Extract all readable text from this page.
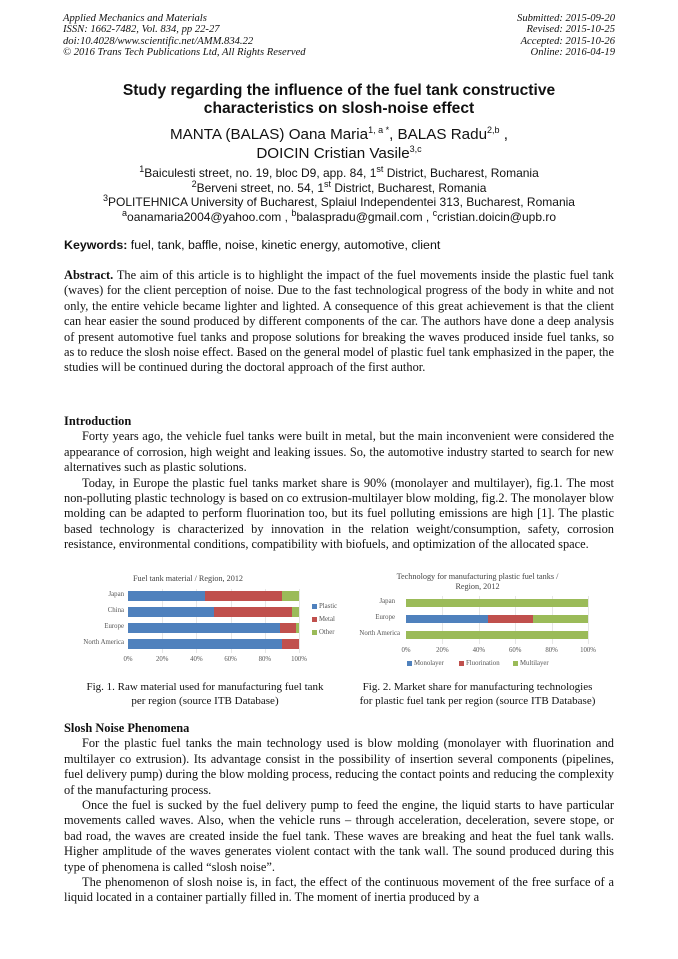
Applied Mechanics and Materials
ISSN: 1662-7482, Vol. 834, pp 22-27
doi:10.4028/www.scientific.net/AMM.834.22
© 2016 Trans Tech Publications Ltd, All Rights Reserved
Submitted: 2015-09-20
Revised: 2015-10-25
Accepted: 2015-10-26
Online: 2016-04-19
Study regarding the influence of the fuel tank constructive
characteristics on slosh-noise effect
MANTA (BALAS) Oana Maria$^{1, a *}$, BALAS Radu$^{2,b}$ ,
DOICIN Cristian Vasile$^{3,c}$
$^1$Baiculesti street, no. 19, bloc D9, app. 84, 1st District, Bucharest, Romania
$^2$Berveni street, no. 54, 1st District, Bucharest, Romania
$^3$POLITEHNICA University of Bucharest, Splaiul Independentei 313, Bucharest, Romania
$^a$oanamaria2004@yahoo.com , $^b$balaspradu@gmail.com , $^c$cristian.doicin@upb.ro
Keywords: fuel, tank, baffle, noise, kinetic energy, automotive, client

Abstract. The aim of this article is to highlight the impact of the fuel movements inside the plastic fuel tank (waves) for the client perception of noise. Due to the fast technological progress of the body in white and not only, the entire vehicle became lighter and lighted. A consequence of this great achievement is that the client can hear easier the sound produced by different components of the car. The authors have done a deep analysis of present automotive fuel tanks and propose solutions for breaking the waves produced inside fuel tanks, so as to reduce the slosh noise effect. Based on the general model of plastic fuel tank emphasized in the paper, the studies will be continued during the doctoral approach of the first author.

Introduction

Forty years ago, the vehicle fuel tanks were built in metal, but the main inconvenient were considered the appearance of corrosion, high weight and leaking issues. So, the automotive industry started to search for new alternatives such as plastic solutions.

Today, in Europe the plastic fuel tanks market share is 90% (monolayer and multilayer), fig.1. The most non-polluting plastic technology is based on co extrusion-multilayer blow molding, fig.2. The monolayer blow molding can be adapted to perform fluorination too, but its fuel polluting emissions are high [1]. The plastic based technology is characterized by innovation in the relation weight/consumption, safety, corrosion resistance, environmental conditions, compatibility with biofuels, and optimization of the allocated space.

Fuel tank material / Region, 2012
Japan
China
Europe
North America
0%	20%	40%	60%	80%	100%
Plastic
Metal
Other
Technology for manufacturing plastic fuel tanks /
Region, 2012
Japan
Europe
North America
0%	20%	40%	60%	80%	100%
Monolayer	Fluorination	Multilayer
Fig. 1. Raw material used for manufacturing fuel tank
per region (source ITB Database)
Fig. 2. Market share for manufacturing technologies
for plastic fuel tank per region (source ITB Database)

Slosh Noise Phenomena

For the plastic fuel tanks the main technology used is blow molding (monolayer with fluorination and multilayer co extrusion). Its advantage consist in the possibility of insertion several components (pipelines, fuel delivery pump) during the blow molding process, reducing the contact points and reducing the complexity of the manufacturing process.

Once the fuel is sucked by the fuel delivery pump to feed the engine, the liquid starts to have particular movements called waves. Also, when the vehicle runs – through acceleration, deceleration, severe stope, or bad road, the waves are created inside the fuel tank. These waves are breaking and heat the fuel tank walls. Higher amplitude of the waves generates violent contact with the tank wall. The sound produced during this type of phenomena is called “slosh noise”.

The phenomenon of slosh noise is, in fact, the effect of the continuous movement of the free surface of a liquid located in a container partially filled in. The moment of inertia produced by a
